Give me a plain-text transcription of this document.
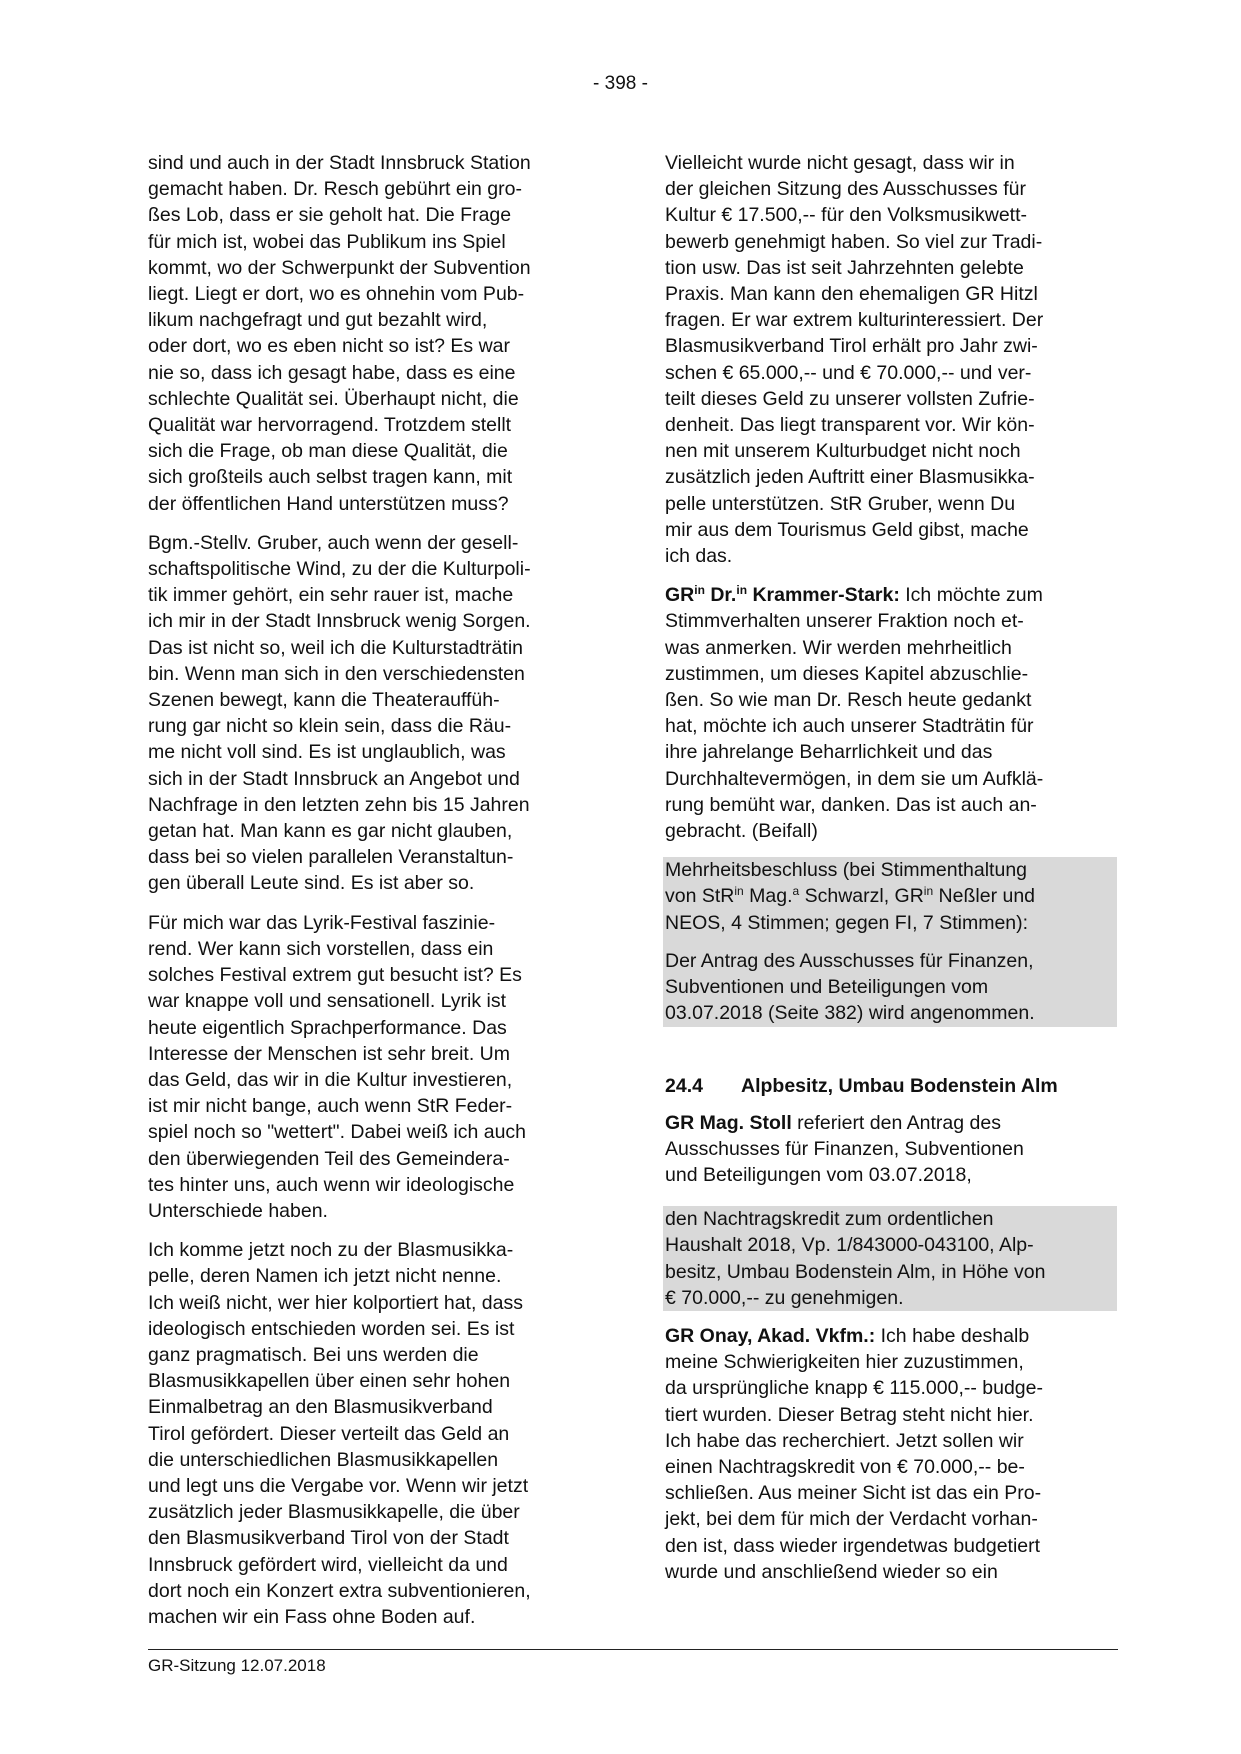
- 398 -

sind und auch in der Stadt Innsbruck Station
gemacht haben. Dr. Resch gebührt ein gro-
ßes Lob, dass er sie geholt hat. Die Frage
für mich ist, wobei das Publikum ins Spiel
kommt, wo der Schwerpunkt der Subvention
liegt. Liegt er dort, wo es ohnehin vom Pub-
likum nachgefragt und gut bezahlt wird,
oder dort, wo es eben nicht so ist? Es war
nie so, dass ich gesagt habe, dass es eine
schlechte Qualität sei. Überhaupt nicht, die
Qualität war hervorragend. Trotzdem stellt
sich die Frage, ob man diese Qualität, die
sich großteils auch selbst tragen kann, mit
der öffentlichen Hand unterstützen muss?

Bgm.-Stellv. Gruber, auch wenn der gesell-
schaftspolitische Wind, zu der die Kulturpoli-
tik immer gehört, ein sehr rauer ist, mache
ich mir in der Stadt Innsbruck wenig Sorgen.
Das ist nicht so, weil ich die Kulturstadträtin
bin. Wenn man sich in den verschiedensten
Szenen bewegt, kann die Theaterauffüh-
rung gar nicht so klein sein, dass die Räu-
me nicht voll sind. Es ist unglaublich, was
sich in der Stadt Innsbruck an Angebot und
Nachfrage in den letzten zehn bis 15 Jahren
getan hat. Man kann es gar nicht glauben,
dass bei so vielen parallelen Veranstaltun-
gen überall Leute sind. Es ist aber so.

Für mich war das Lyrik-Festival faszinie-
rend. Wer kann sich vorstellen, dass ein
solches Festival extrem gut besucht ist? Es
war knappe voll und sensationell. Lyrik ist
heute eigentlich Sprachperformance. Das
Interesse der Menschen ist sehr breit. Um
das Geld, das wir in die Kultur investieren,
ist mir nicht bange, auch wenn StR Feder-
spiel noch so "wettert". Dabei weiß ich auch
den überwiegenden Teil des Gemeindera-
tes hinter uns, auch wenn wir ideologische
Unterschiede haben.

Ich komme jetzt noch zu der Blasmusikka-
pelle, deren Namen ich jetzt nicht nenne.
Ich weiß nicht, wer hier kolportiert hat, dass
ideologisch entschieden worden sei. Es ist
ganz pragmatisch. Bei uns werden die
Blasmusikkapellen über einen sehr hohen
Einmalbetrag an den Blasmusikverband
Tirol gefördert. Dieser verteilt das Geld an
die unterschiedlichen Blasmusikkapellen
und legt uns die Vergabe vor. Wenn wir jetzt
zusätzlich jeder Blasmusikkapelle, die über
den Blasmusikverband Tirol von der Stadt
Innsbruck gefördert wird, vielleicht da und
dort noch ein Konzert extra subventionieren,
machen wir ein Fass ohne Boden auf.

Vielleicht wurde nicht gesagt, dass wir in
der gleichen Sitzung des Ausschusses für
Kultur € 17.500,-- für den Volksmusikwett-
bewerb genehmigt haben. So viel zur Tradi-
tion usw. Das ist seit Jahrzehnten gelebte
Praxis. Man kann den ehemaligen GR Hitzl
fragen. Er war extrem kulturinteressiert. Der
Blasmusikverband Tirol erhält pro Jahr zwi-
schen € 65.000,-- und € 70.000,-- und ver-
teilt dieses Geld zu unserer vollsten Zufrie-
denheit. Das liegt transparent vor. Wir kön-
nen mit unserem Kulturbudget nicht noch
zusätzlich jeden Auftritt einer Blasmusikka-
pelle unterstützen. StR Gruber, wenn Du
mir aus dem Tourismus Geld gibst, mache
ich das.

$GR^{in}$ Dr.$^{in}$ Krammer-Stark: Ich möchte zum
Stimmverhalten unserer Fraktion noch et-
was anmerken. Wir werden mehrheitlich
zustimmen, um dieses Kapitel abzuschlie-
ßen. So wie man Dr. Resch heute gedankt
hat, möchte ich auch unserer Stadträtin für
ihre jahrelange Beharrlichkeit und das
Durchhaltevermögen, in dem sie um Aufklä-
rung bemüht war, danken. Das ist auch an-
gebracht. (Beifall)

Mehrheitsbeschluss (bei Stimmenthaltung
von StR$^{in}$ Mag.$^a$ Schwarzl, $GR^{in}$ Neßler und
NEOS, 4 Stimmen; gegen FI, 7 Stimmen):

Der Antrag des Ausschusses für Finanzen,
Subventionen und Beteiligungen vom
03.07.2018 (Seite 382) wird angenommen.

24.4 Alpbesitz, Umbau Bodenstein Alm

GR Mag. Stoll referiert den Antrag des
Ausschusses für Finanzen, Subventionen
und Beteiligungen vom 03.07.2018,

den Nachtragskredit zum ordentlichen
Haushalt 2018, Vp. 1/843000-043100, Alp-
besitz, Umbau Bodenstein Alm, in Höhe von
€ 70.000,-- zu genehmigen.

GR Onay, Akad. Vkfm.: Ich habe deshalb
meine Schwierigkeiten hier zuzustimmen,
da ursprüngliche knapp € 115.000,-- budge-
tiert wurden. Dieser Betrag steht nicht hier.
Ich habe das recherchiert. Jetzt sollen wir
einen Nachtragskredit von € 70.000,-- be-
schließen. Aus meiner Sicht ist das ein Pro-
jekt, bei dem für mich der Verdacht vorhan-
den ist, dass wieder irgendetwas budgetiert
wurde und anschließend wieder so ein

GR-Sitzung 12.07.2018
